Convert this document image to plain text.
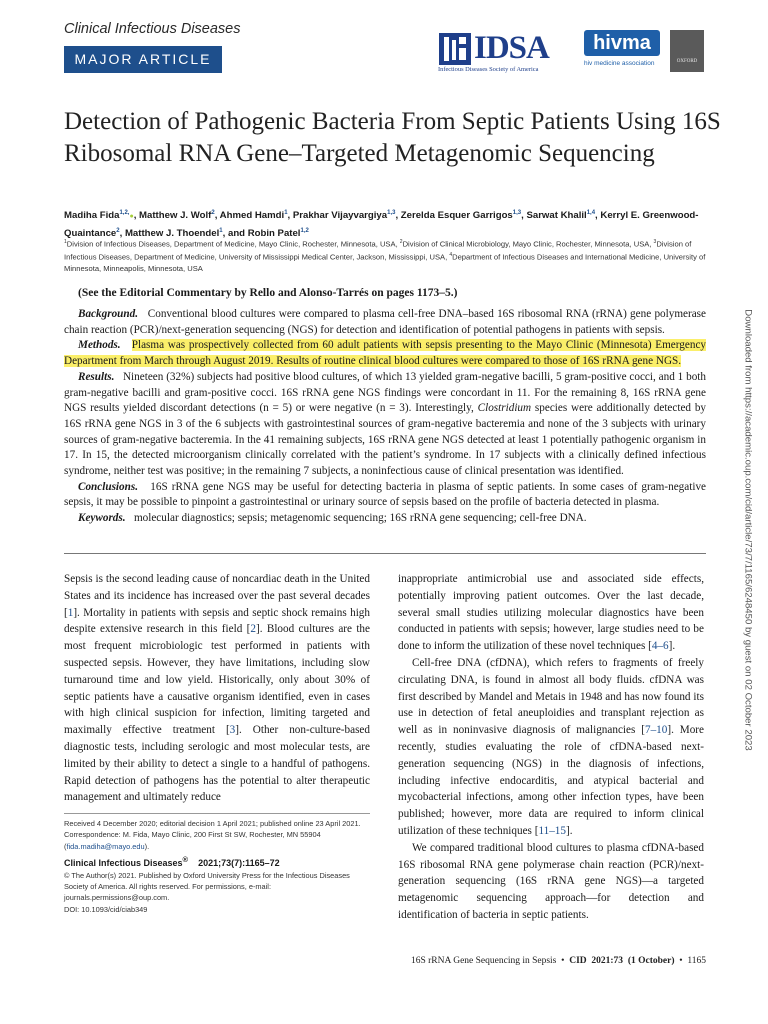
Clinical Infectious Diseases
MAJOR ARTICLE	IDSA
Infectious Diseases Society of America
hivma
hiv medicine association	OXFORD
Detection of Pathogenic Bacteria From Septic Patients Using 16S Ribosomal RNA Gene–Targeted Metagenomic Sequencing
Madiha Fida$^{1,2,}$●, Matthew J. Wolf$^2$, Ahmed Hamdi$^1$, Prakhar Vijayvargiya$^{1,3}$, Zerelda Esquer Garrigos$^{1,3}$, Sarwat Khalil$^{1,4}$, Kerryl E. Greenwood-Quaintance$^2$, Matthew J. Thoendel$^1$, and Robin Patel$^{1,2}$
$^1$Division of Infectious Diseases, Department of Medicine, Mayo Clinic, Rochester, Minnesota, USA, $^2$Division of Clinical Microbiology, Mayo Clinic, Rochester, Minnesota, USA, $^3$Division of Infectious Diseases, Department of Medicine, University of Mississippi Medical Center, Jackson, Mississippi, USA, $^4$Department of Infectious Diseases and International Medicine, University of Minnesota, Minneapolis, Minnesota, USA
(See the Editorial Commentary by Rello and Alonso-Tarrés on pages 1173–5.)

Background. Conventional blood cultures were compared to plasma cell-free DNA–based 16S ribosomal RNA (rRNA) gene polymerase chain reaction (PCR)/next-generation sequencing (NGS) for detection and identification of potential pathogens in patients with sepsis.

Methods. Plasma was prospectively collected from 60 adult patients with sepsis presenting to the Mayo Clinic (Minnesota) Emergency Department from March through August 2019. Results of routine clinical blood cultures were compared to those of 16S rRNA gene NGS.

Results. Nineteen (32%) subjects had positive blood cultures, of which 13 yielded gram-negative bacilli, 5 gram-positive cocci, and 1 both gram-negative bacilli and gram-positive cocci. 16S rRNA gene NGS findings were concordant in 11. For the remaining 8, 16S rRNA gene NGS results yielded discordant detections (n = 5) or were negative (n = 3). Interestingly, Clostridium species were additionally detected by 16S rRNA gene NGS in 3 of the 6 subjects with gastrointestinal sources of gram-negative bacteremia and none of the 3 subjects with urinary sources of gram-negative bacteremia. In the 41 remaining subjects, 16S rRNA gene NGS detected at least 1 potentially pathogenic organism in 17. In 15, the detected microorganism clinically correlated with the patient’s syndrome. In 17 subjects with a clinically defined infectious syndrome, neither test was positive; in the remaining 7 subjects, a noninfectious cause of clinical presentation was identified.

Conclusions. 16S rRNA gene NGS may be useful for detecting bacteria in plasma of septic patients. In some cases of gram-negative sepsis, it may be possible to pinpoint a gastrointestinal or urinary source of sepsis based on the profile of bacteria detected in plasma.

Keywords. molecular diagnostics; sepsis; metagenomic sequencing; 16S rRNA gene sequencing; cell-free DNA.

Sepsis is the second leading cause of noncardiac death in the United States and its incidence has increased over the past several decades [1]. Mortality in patients with sepsis and septic shock remains high despite extensive research in this field [2]. Blood cultures are the most frequent microbiologic test performed in patients with suspected sepsis. However, they have limitations, including slow turnaround time and low yield. Historically, only about 30% of septic patients have a causative organism identified, even in cases with high clinical suspicion for infection, limiting targeted and maximally effective treatment [3]. Other non-culture-based diagnostic tests, including serologic and most molecular tests, are limited by their ability to detect a single to a handful of pathogens. Rapid detection of pathogens has the potential to alter therapeutic management and ultimately reduce

Received 4 December 2020; editorial decision 1 April 2021; published online 23 April 2021.

Correspondence: M. Fida, Mayo Clinic, 200 First St SW, Rochester, MN 55904 (fida.madiha@mayo.edu).

Clinical Infectious Diseases® 2021;73(7):1165–72

© The Author(s) 2021. Published by Oxford University Press for the Infectious Diseases Society of America. All rights reserved. For permissions, e-mail: journals.permissions@oup.com.

DOI: 10.1093/cid/ciab349

inappropriate antimicrobial use and associated side effects, potentially improving patient outcomes. Over the last decade, several small studies utilizing molecular diagnostics have been conducted in patients with sepsis; however, large studies need to be done to inform the utilization of these novel techniques [4–6].

Cell-free DNA (cfDNA), which refers to fragments of freely circulating DNA, is found in almost all body fluids. cfDNA was first described by Mandel and Metais in 1948 and has now found its use in detection of fetal aneuploidies and transplant rejection as well as in noninvasive diagnosis of malignancies [7–10]. More recently, studies evaluating the role of cfDNA-based next-generation sequencing (NGS) in the diagnosis of infections, including infective endocarditis, and atypical bacterial and mycobacterial infections, among other infection types, have been published; however, more data are required to inform clinical utilization of these techniques [11–15].

We compared traditional blood cultures to plasma cfDNA-based 16S ribosomal RNA gene polymerase chain reaction (PCR)/next-generation sequencing (16S rRNA gene NGS)—a targeted metagenomic sequencing approach—for detection and identification of bacteria in septic patients.

16S rRNA Gene Sequencing in Sepsis • CID 2021:73 (1 October) • 1165
Downloaded from https://academic.oup.com/cid/article/73/7/1165/6248450 by guest on 02 October 2023
